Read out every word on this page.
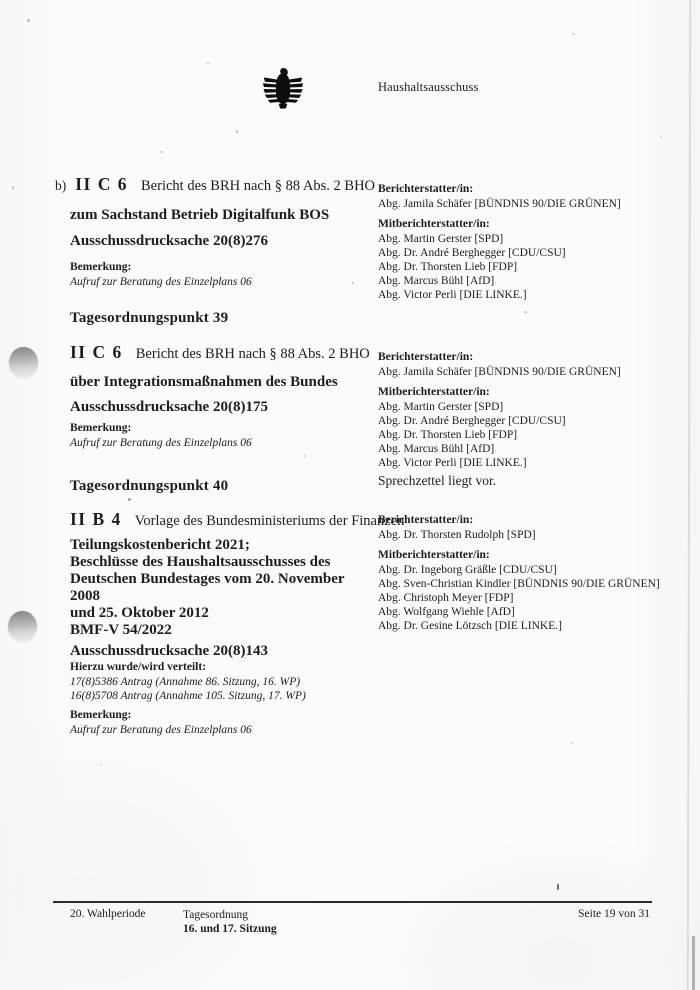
Haushaltsausschuss
b) II C 6 Bericht des BRH nach § 88 Abs. 2 BHO
zum Sachstand Betrieb Digitalfunk BOS
Ausschussdrucksache 20(8)276
Bemerkung:
Aufruf zur Beratung des Einzelplans 06
Berichterstatter/in:
Abg. Jamila Schäfer [BÜNDNIS 90/DIE GRÜNEN]
Mitberichterstatter/in:
Abg. Martin Gerster [SPD]
Abg. Dr. André Berghegger [CDU/CSU]
Abg. Dr. Thorsten Lieb [FDP]
Abg. Marcus Bühl [AfD]
Abg. Victor Perli [DIE LINKE.]
Tagesordnungspunkt 39
II C 6 Bericht des BRH nach § 88 Abs. 2 BHO
über Integrationsmaßnahmen des Bundes
Ausschussdrucksache 20(8)175
Bemerkung:
Aufruf zur Beratung des Einzelplans 06
Berichterstatter/in:
Abg. Jamila Schäfer [BÜNDNIS 90/DIE GRÜNEN]
Mitberichterstatter/in:
Abg. Martin Gerster [SPD]
Abg. Dr. André Berghegger [CDU/CSU]
Abg. Dr. Thorsten Lieb [FDP]
Abg. Marcus Bühl [AfD]
Abg. Victor Perli [DIE LINKE.]
Sprechzettel liegt vor.
Tagesordnungspunkt 40
II B 4 Vorlage des Bundesministeriums der Finanzen
Teilungskostenbericht 2021;
Beschlüsse des Haushaltsausschusses des
Deutschen Bundestages vom 20. November 2008
und 25. Oktober 2012
BMF-V 54/2022
Ausschussdrucksache 20(8)143
Hierzu wurde/wird verteilt:
17(8)5386 Antrag (Annahme 86. Sitzung, 16. WP)
16(8)5708 Antrag (Annahme 105. Sitzung, 17. WP)
Bemerkung:
Aufruf zur Beratung des Einzelplans 06
Berichterstatter/in:
Abg. Dr. Thorsten Rudolph [SPD]
Mitberichterstatter/in:
Abg. Dr. Ingeborg Gräßle [CDU/CSU]
Abg. Sven-Christian Kindler [BÜNDNIS 90/DIE GRÜNEN]
Abg. Christoph Meyer [FDP]
Abg. Wolfgang Wiehle [AfD]
Abg. Dr. Gesine Lötzsch [DIE LINKE.]
20. Wahlperiode	Tagesordnung
16. und 17. Sitzung
Seite 19 von 31
